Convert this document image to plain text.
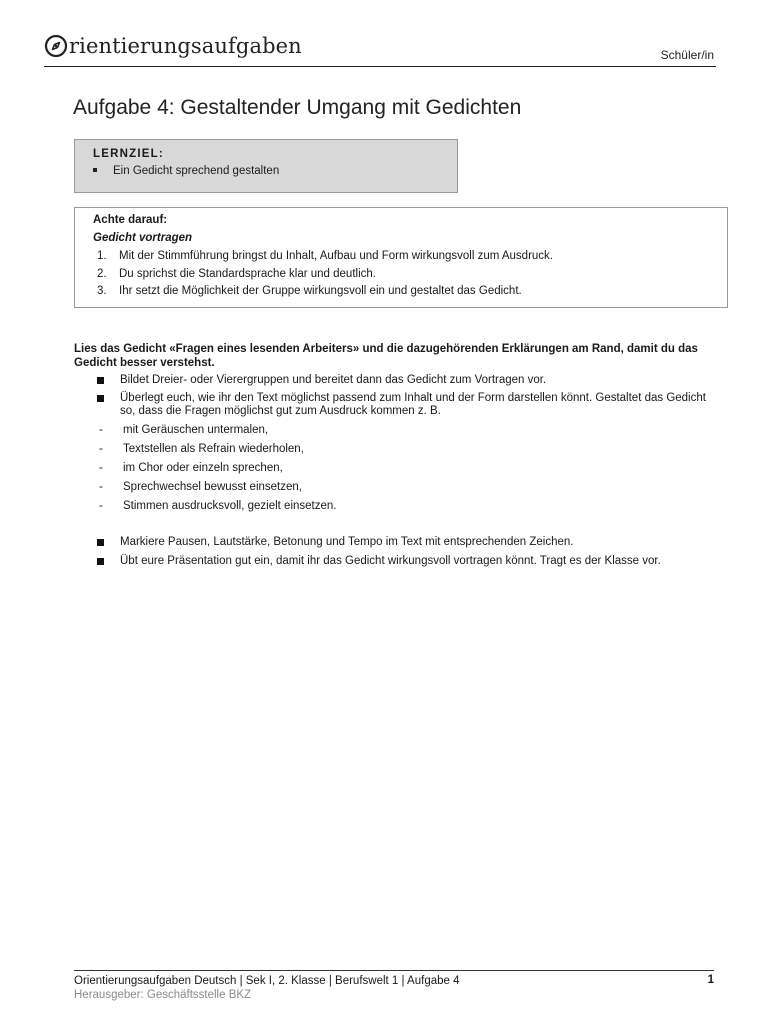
rientierungsaufgaben	Schüler/in
Aufgabe 4: Gestaltender Umgang mit Gedichten
LERNZIEL:
Ein Gedicht sprechend gestalten
Achte darauf:
Gedicht vortragen
1.	Mit der Stimmführung bringst du Inhalt, Aufbau und Form wirkungsvoll zum Ausdruck.
2.	Du sprichst die Standardsprache klar und deutlich.
3.	Ihr setzt die Möglichkeit der Gruppe wirkungsvoll ein und gestaltet das Gedicht.
Lies das Gedicht «Fragen eines lesenden Arbeiters» und die dazugehörenden Erklärungen am Rand, damit du das Gedicht besser verstehst.
Bildet Dreier- oder Vierergruppen und bereitet dann das Gedicht zum Vortragen vor.
Überlegt euch, wie ihr den Text möglichst passend zum Inhalt und der Form darstellen könnt. Gestaltet das Gedicht so, dass die Fragen möglichst gut zum Ausdruck kommen z. B.
- mit Geräuschen untermalen,
- Textstellen als Refrain wiederholen,
- im Chor oder einzeln sprechen,
- Sprechwechsel bewusst einsetzen,
- Stimmen ausdrucksvoll, gezielt einsetzen.
Markiere Pausen, Lautstärke, Betonung und Tempo im Text mit entsprechenden Zeichen.
Übt eure Präsentation gut ein, damit ihr das Gedicht wirkungsvoll vortragen könnt. Tragt es der Klasse vor.
Orientierungsaufgaben Deutsch | Sek I, 2. Klasse | Berufswelt 1 | Aufgabe 4
Herausgeber: Geschäftsstelle BKZ
1
